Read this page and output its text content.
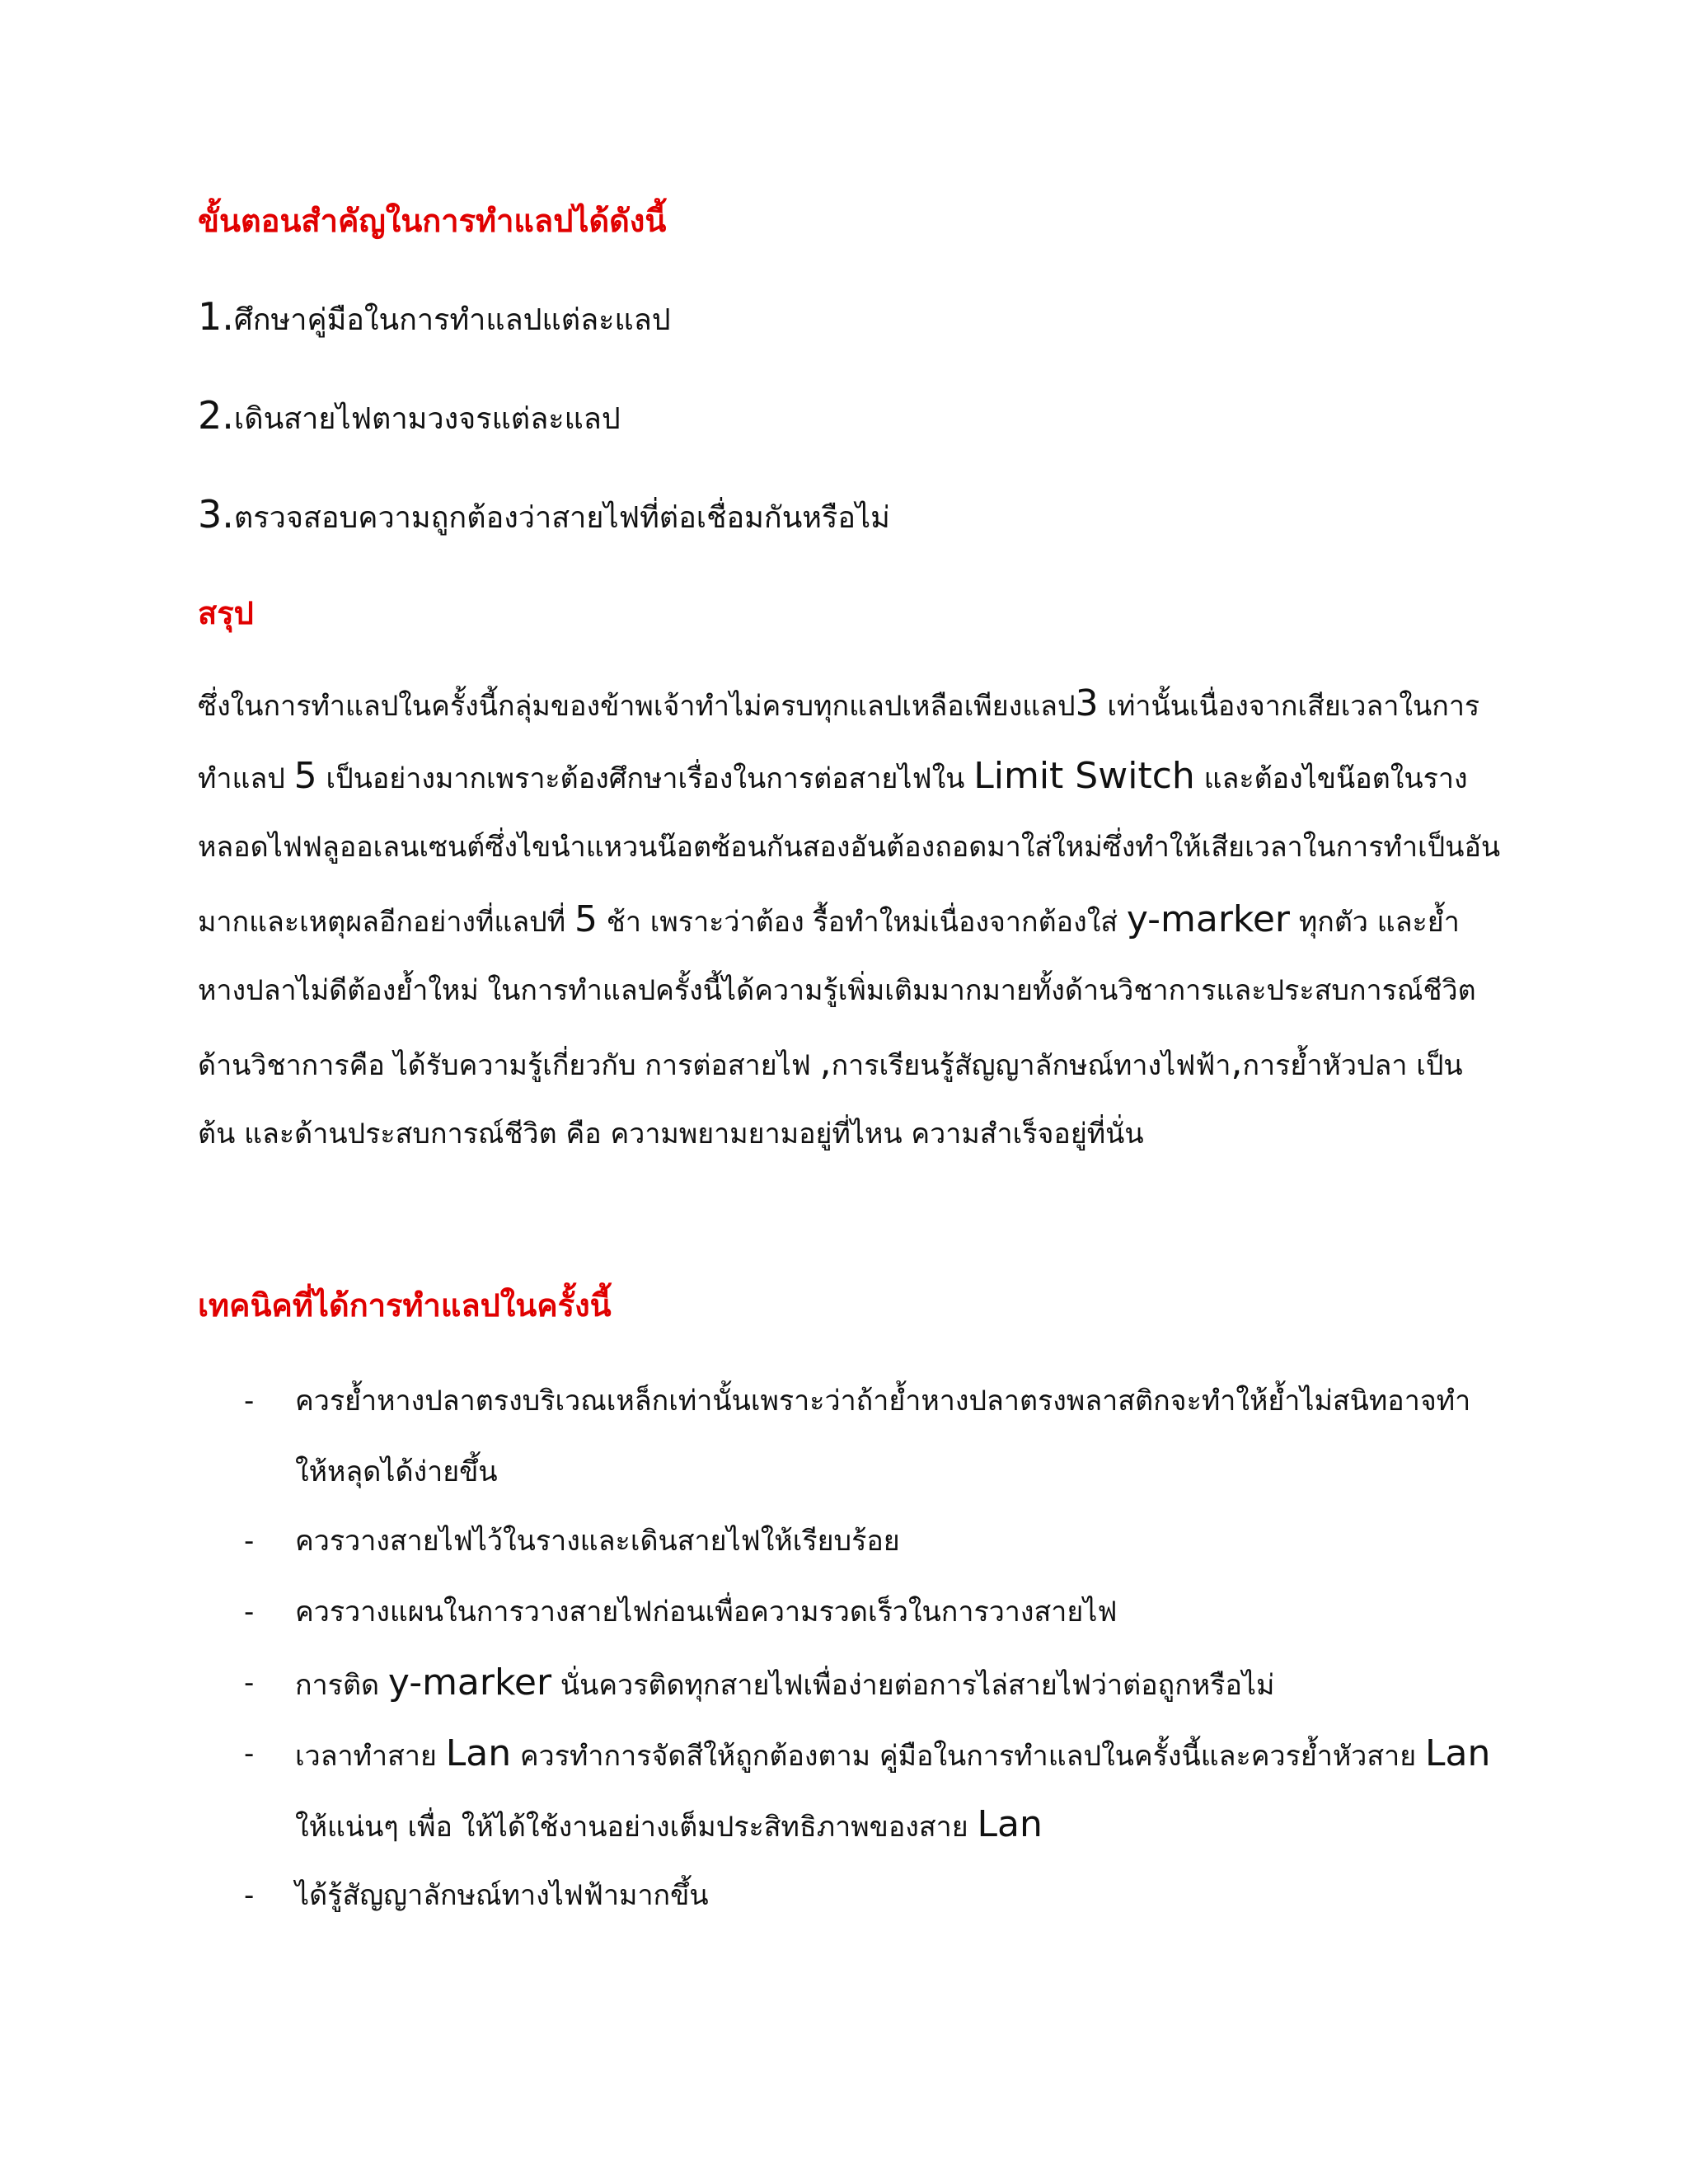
ขั้นตอนสำคัญในการทำแลปได้ดังนี้

1.ศึกษาคู่มือในการทำแลปแต่ละแลป

2.เดินสายไฟตามวงจรแต่ละแลป

3.ตรวจสอบความถูกต้องว่าสายไฟที่ต่อเชื่อมกันหรือไม่

สรุป

ซึ่งในการทำแลปในครั้งนี้กลุ่มของข้าพเจ้าทำไม่ครบทุกแลปเหลือเพียงแลป3 เท่านั้นเนื่องจากเสียเวลาในการ

ทำแลป 5 เป็นอย่างมากเพราะต้องศึกษาเรื่องในการต่อสายไฟใน Limit Switch และต้องไขน๊อตในราง

หลอดไฟฟลูออเลนเซนต์ซึ่งไขนำแหวนน๊อตซ้อนกันสองอันต้องถอดมาใส่ใหม่ซึ่งทำให้เสียเวลาในการทำเป็นอัน

มากและเหตุผลอีกอย่างที่แลปที่ 5 ช้า เพราะว่าต้อง รื้อทำใหม่เนื่องจากต้องใส่ y-marker ทุกตัว และย้ำ

หางปลาไม่ดีต้องย้ำใหม่ ในการทำแลปครั้งนี้ได้ความรู้เพิ่มเติมมากมายทั้งด้านวิชาการและประสบการณ์ชีวิต

ด้านวิชาการคือ ได้รับความรู้เกี่ยวกับ การต่อสายไฟ ,การเรียนรู้สัญญาลักษณ์ทางไฟฟ้า,การย้ำหัวปลา เป็น

ต้น และด้านประสบการณ์ชีวิต คือ ความพยามยามอยู่ที่ไหน ความสำเร็จอยู่ที่นั่น

เทคนิคที่ได้การทำแลปในครั้งนี้
-	ควรย้ำหางปลาตรงบริเวณเหล็กเท่านั้นเพราะว่าถ้าย้ำหางปลาตรงพลาสติกจะทำให้ย้ำไม่สนิทอาจทำ
ให้หลุดได้ง่ายขึ้น
-	ควรวางสายไฟไว้ในรางและเดินสายไฟให้เรียบร้อย
-	ควรวางแผนในการวางสายไฟก่อนเพื่อความรวดเร็วในการวางสายไฟ
-	การติด y-marker นั่นควรติดทุกสายไฟเพื่อง่ายต่อการไล่สายไฟว่าต่อถูกหรือไม่
-	เวลาทำสาย Lan ควรทำการจัดสีให้ถูกต้องตาม คู่มือในการทำแลปในครั้งนี้และควรย้ำหัวสาย Lan
ให้แน่นๆ เพื่อ ให้ได้ใช้งานอย่างเต็มประสิทธิภาพของสาย Lan
-	ได้รู้สัญญาลักษณ์ทางไฟฟ้ามากขึ้น
